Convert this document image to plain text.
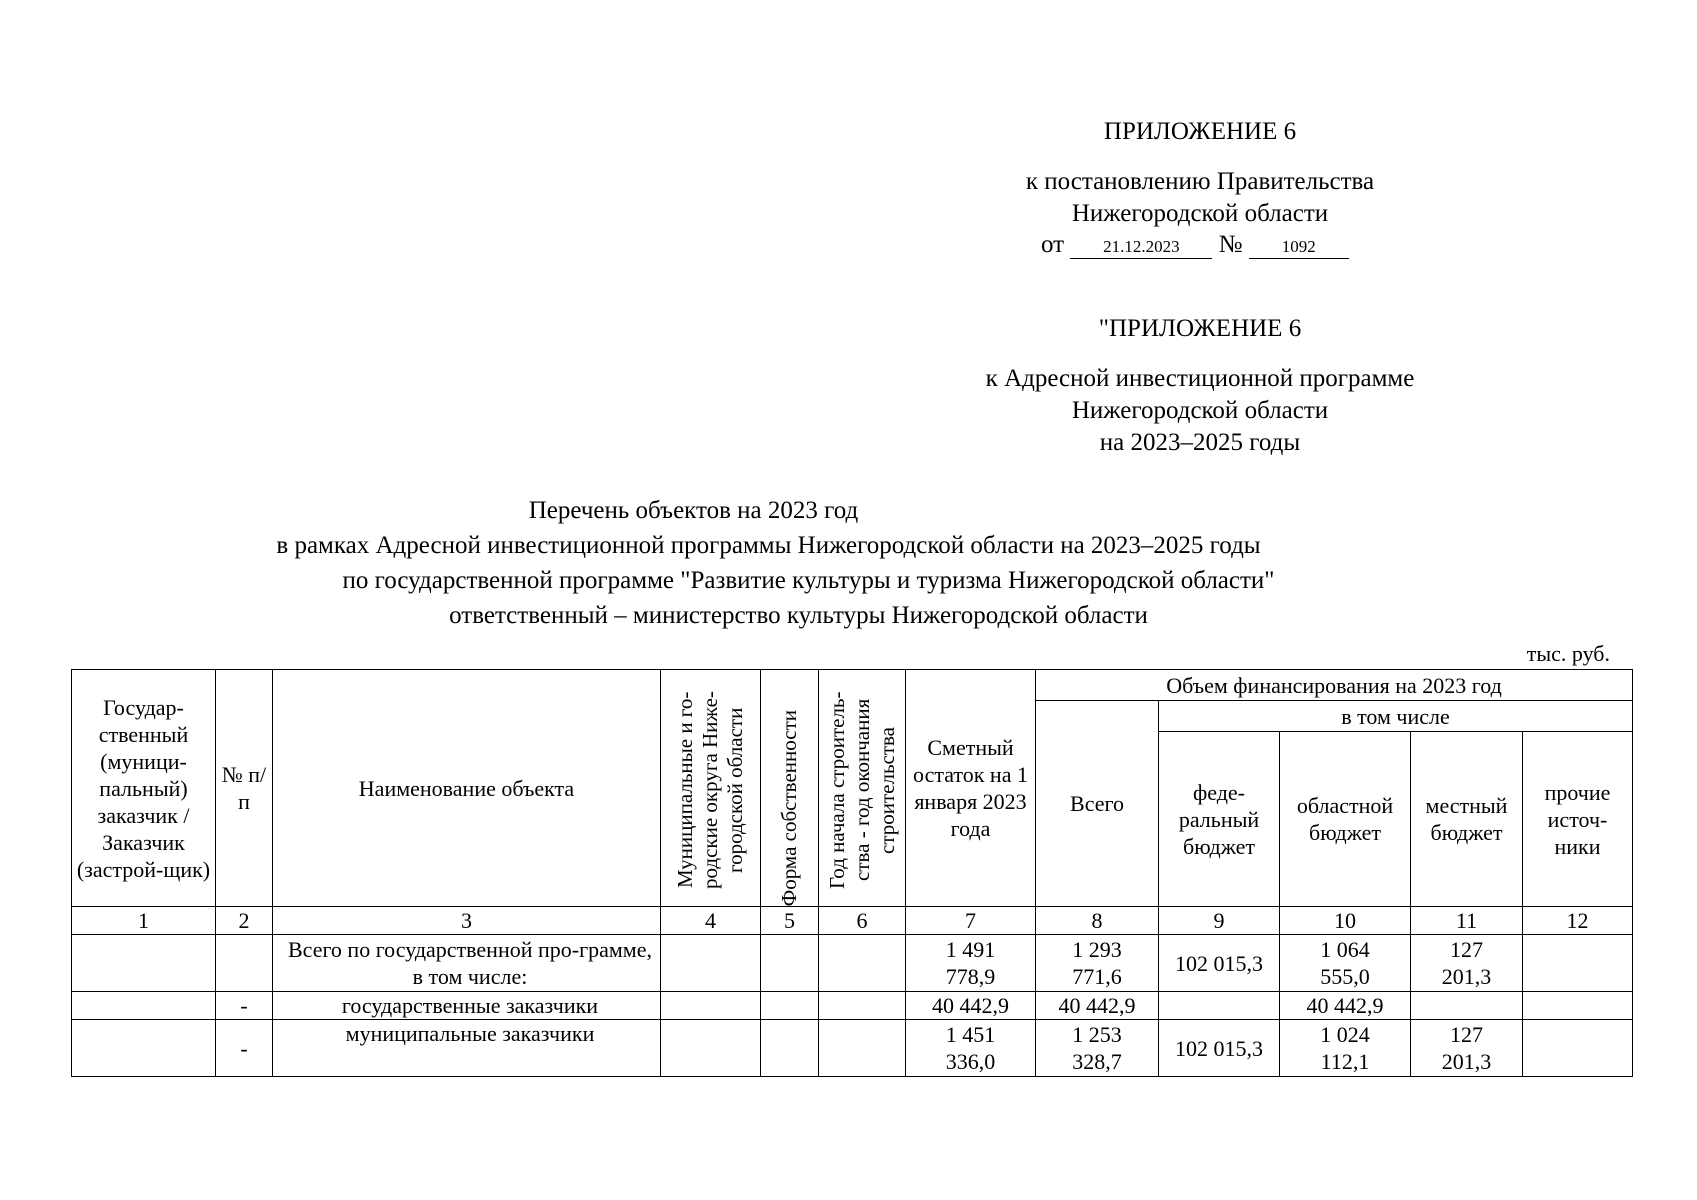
ПРИЛОЖЕНИЕ 6
к постановлению Правительства
Нижегородской области
от 21.12.2023 № 1092
"ПРИЛОЖЕНИЕ 6
к Адресной инвестиционной программе
Нижегородской области
на 2023–2025 годы
Перечень объектов на 2023 год
в рамках Адресной инвестиционной программы Нижегородской области на 2023–2025 годы
по государственной программе "Развитие культуры и туризма Нижегородской области"
ответственный – министерство культуры Нижегородской области
тыс. руб.
Государ-ственный (муници-пальный) заказчик / Заказчик (застрой-щик)	№ п/п	Наименование объекта	Муниципальные и го-родские округа Ниже-городской области	Форма собственности	Год начала строитель-ства - год окончания строительства	Сметный остаток на 1 января 2023 года	Объем финансирования на 2023 год				
							Всего	в том числе			
								феде-ральный бюджет	областной бюджет	местный бюджет	прочие источ-ники
1	2	3	4	5	6	7	8	9	10	11	12
		Всего по государственной про-грамме, в том числе:				1 491 778,9	1 293 771,6	102 015,3	1 064 555,0	127 201,3	
	-	государственные заказчики				40 442,9	40 442,9		40 442,9		
	-	муниципальные заказчики				1 451 336,0	1 253 328,7	102 015,3	1 024 112,1	127 201,3	
